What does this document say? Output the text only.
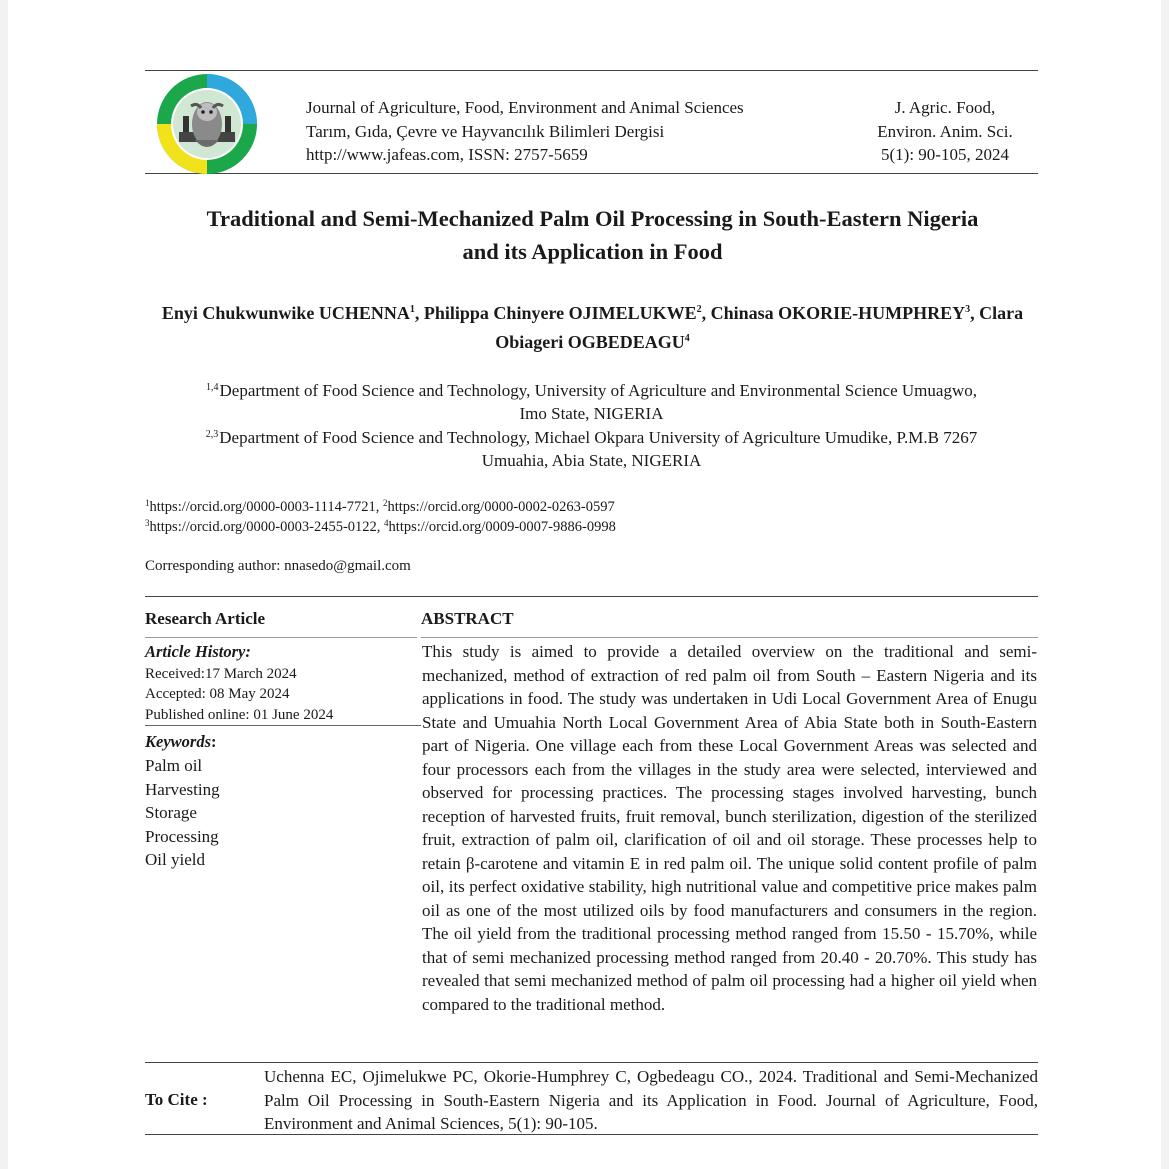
Journal of Agriculture, Food, Environment and Animal Sciences
Tarım, Gıda, Çevre ve Hayvancılık Bilimleri Dergisi
http://www.jafeas.com, ISSN: 2757-5659
J. Agric. Food,
Environ. Anim. Sci.
5(1): 90-105, 2024
Traditional and Semi-Mechanized Palm Oil Processing in South-Eastern Nigeria
and its Application in Food
Enyi Chukwunwike UCHENNA$^1$, Philippa Chinyere OJIMELUKWE$^2$, Chinasa OKORIE-HUMPHREY$^3$, Clara Obiageri OGBEDEAGU$^4$
$^{1,4}$Department of Food Science and Technology, University of Agriculture and Environmental Science Umuagwo,
Imo State, NIGERIA
$^{2,3}$Department of Food Science and Technology, Michael Okpara University of Agriculture Umudike, P.M.B 7267
Umuahia, Abia State, NIGERIA
$^1$https://orcid.org/0000-0003-1114-7721, $^2$https://orcid.org/0000-0002-0263-0597
$^3$https://orcid.org/0000-0003-2455-0122, $^4$https://orcid.org/0009-0007-9886-0998
Corresponding author: nnasedo@gmail.com
Research Article	ABSTRACT
Article History:
Received:17 March 2024
Accepted: 08 May 2024
Published online: 01 June 2024
Keywords:
Palm oil
Harvesting
Storage
Processing
Oil yield
This study is aimed to provide a detailed overview on the traditional and semi-mechanized, method of extraction of red palm oil from South – Eastern Nigeria and its applications in food. The study was undertaken in Udi Local Government Area of Enugu State and Umuahia North Local Government Area of Abia State both in South-Eastern part of Nigeria. One village each from these Local Government Areas was selected and four processors each from the villages in the study area were selected, interviewed and observed for processing practices. The processing stages involved harvesting, bunch reception of harvested fruits, fruit removal, bunch sterilization, digestion of the sterilized fruit, extraction of palm oil, clarification of oil and oil storage. These processes help to retain β-carotene and vitamin E in red palm oil. The unique solid content profile of palm oil, its perfect oxidative stability, high nutritional value and competitive price makes palm oil as one of the most utilized oils by food manufacturers and consumers in the region. The oil yield from the traditional processing method ranged from 15.50 - 15.70%, while that of semi mechanized processing method ranged from 20.40 - 20.70%. This study has revealed that semi mechanized method of palm oil processing had a higher oil yield when compared to the traditional method.
To Cite :
Uchenna EC, Ojimelukwe PC, Okorie-Humphrey C, Ogbedeagu CO., 2024. Traditional and Semi-Mechanized Palm Oil Processing in South-Eastern Nigeria and its Application in Food. Journal of Agriculture, Food, Environment and Animal Sciences, 5(1): 90-105.
